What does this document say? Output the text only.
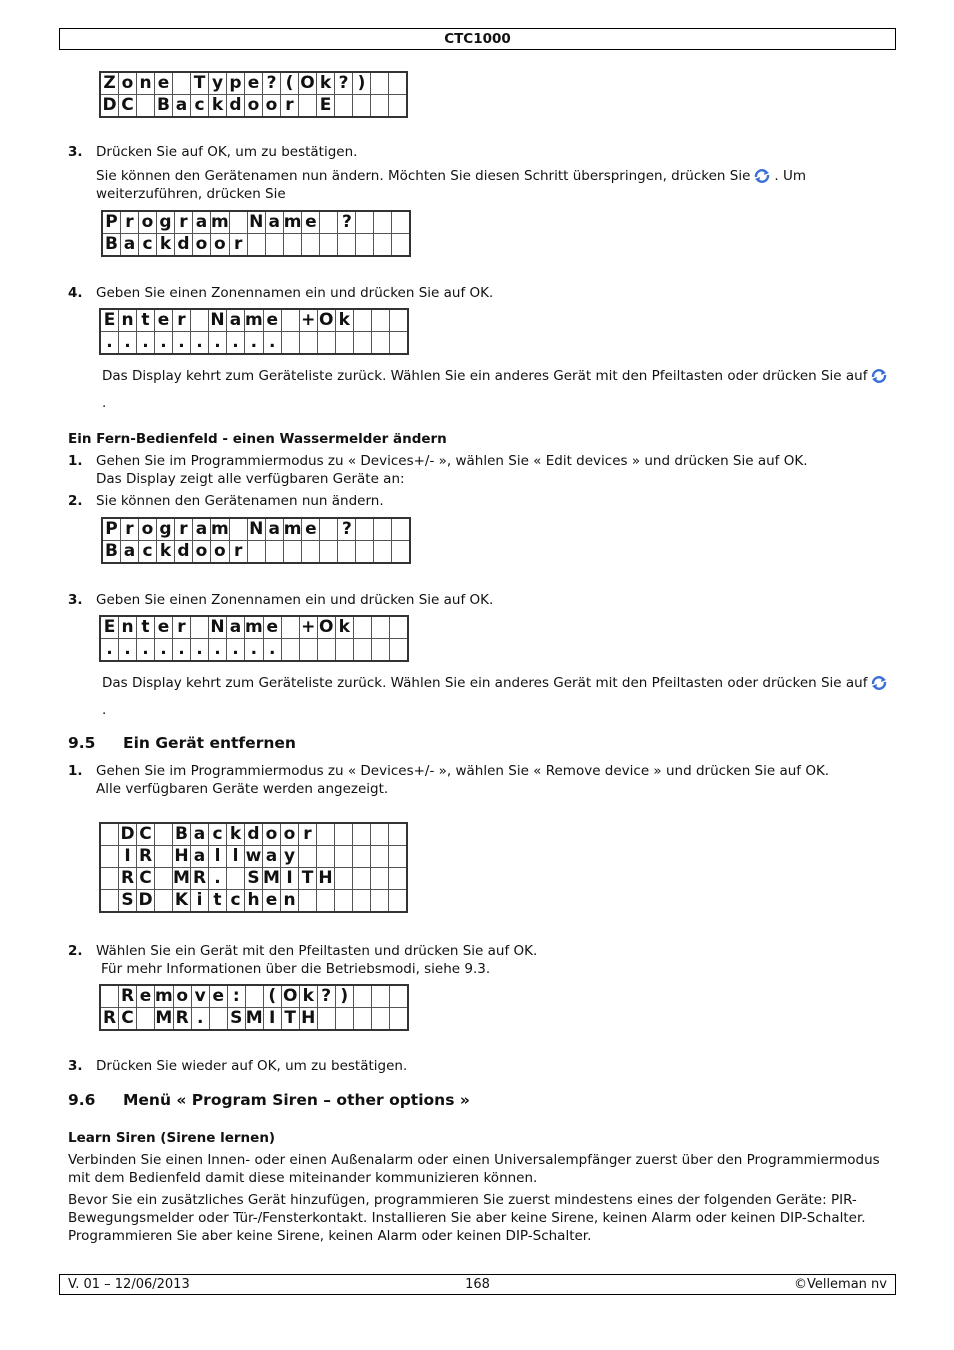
CTC1000
Z	o	n	e		T	y	p	e	?	(	O	k	?	)		
D	C		B	a	c	k	d	o	o	r		E				
3. Drücken Sie auf OK, um zu bestätigen.
Sie können den Gerätenamen nun ändern. Möchten Sie diesen Schritt überspringen, drücken Sie . Um weiterzuführen, drücken Sie
P	r	o	g	r	a	m		N	a	m	e		?			
B	a	c	k	d	o	o	r									
4. Geben Sie einen Zonennamen ein und drücken Sie auf OK.
E	n	t	e	r		N	a	m	e		+	O	k			
.	.	.	.	.	.	.	.	.	.							
Das Display kehrt zum Geräteliste zurück. Wählen Sie ein anderes Gerät mit den Pfeiltasten oder drücken Sie auf.
Ein Fern-Bedienfeld - einen Wassermelder ändern
1. Gehen Sie im Programmiermodus zu « Devices+/- », wählen Sie « Edit devices » und drücken Sie auf OK.
Das Display zeigt alle verfügbaren Geräte an:
2. Sie können den Gerätenamen nun ändern.
P	r	o	g	r	a	m		N	a	m	e		?			
B	a	c	k	d	o	o	r									
3. Geben Sie einen Zonennamen ein und drücken Sie auf OK.
E	n	t	e	r		N	a	m	e		+	O	k			
.	.	.	.	.	.	.	.	.	.							
Das Display kehrt zum Geräteliste zurück. Wählen Sie ein anderes Gerät mit den Pfeiltasten oder drücken Sie auf.
9.5 Ein Gerät entfernen
1. Gehen Sie im Programmiermodus zu « Devices+/- », wählen Sie « Remove device » und drücken Sie auf OK.
Alle verfügbaren Geräte werden angezeigt.
	D	C		B	a	c	k	d	o	o	r					
	I	R		H	a	l	l	w	a	y						
	R	C		M	R	.		S	M	I	T	H				
	S	D		K	i	t	c	h	e	n						
2. Wählen Sie ein Gerät mit den Pfeiltasten und drücken Sie auf OK.
Für mehr Informationen über die Betriebsmodi, siehe 9.3.
	R	e	m	o	v	e	:		(	O	k	?	)			
R	C		M	R	.		S	M	I	T	H					
3. Drücken Sie wieder auf OK, um zu bestätigen.
9.6 Menü « Program Siren – other options »
Learn Siren (Sirene lernen)
Verbinden Sie einen Innen- oder einen Außenalarm oder einen Universalempfänger zuerst über den Programmiermodus mit dem Bedienfeld damit diese miteinander kommunizieren können.
Bevor Sie ein zusätzliches Gerät hinzufügen, programmieren Sie zuerst mindestens eines der folgenden Geräte: PIR-Bewegungsmelder oder Tür-/Fensterkontakt. Installieren Sie aber keine Sirene, keinen Alarm oder keinen DIP-Schalter. Programmieren Sie aber keine Sirene, keinen Alarm oder keinen DIP-Schalter.
V. 01 – 12/06/2013	168	©Velleman nv
